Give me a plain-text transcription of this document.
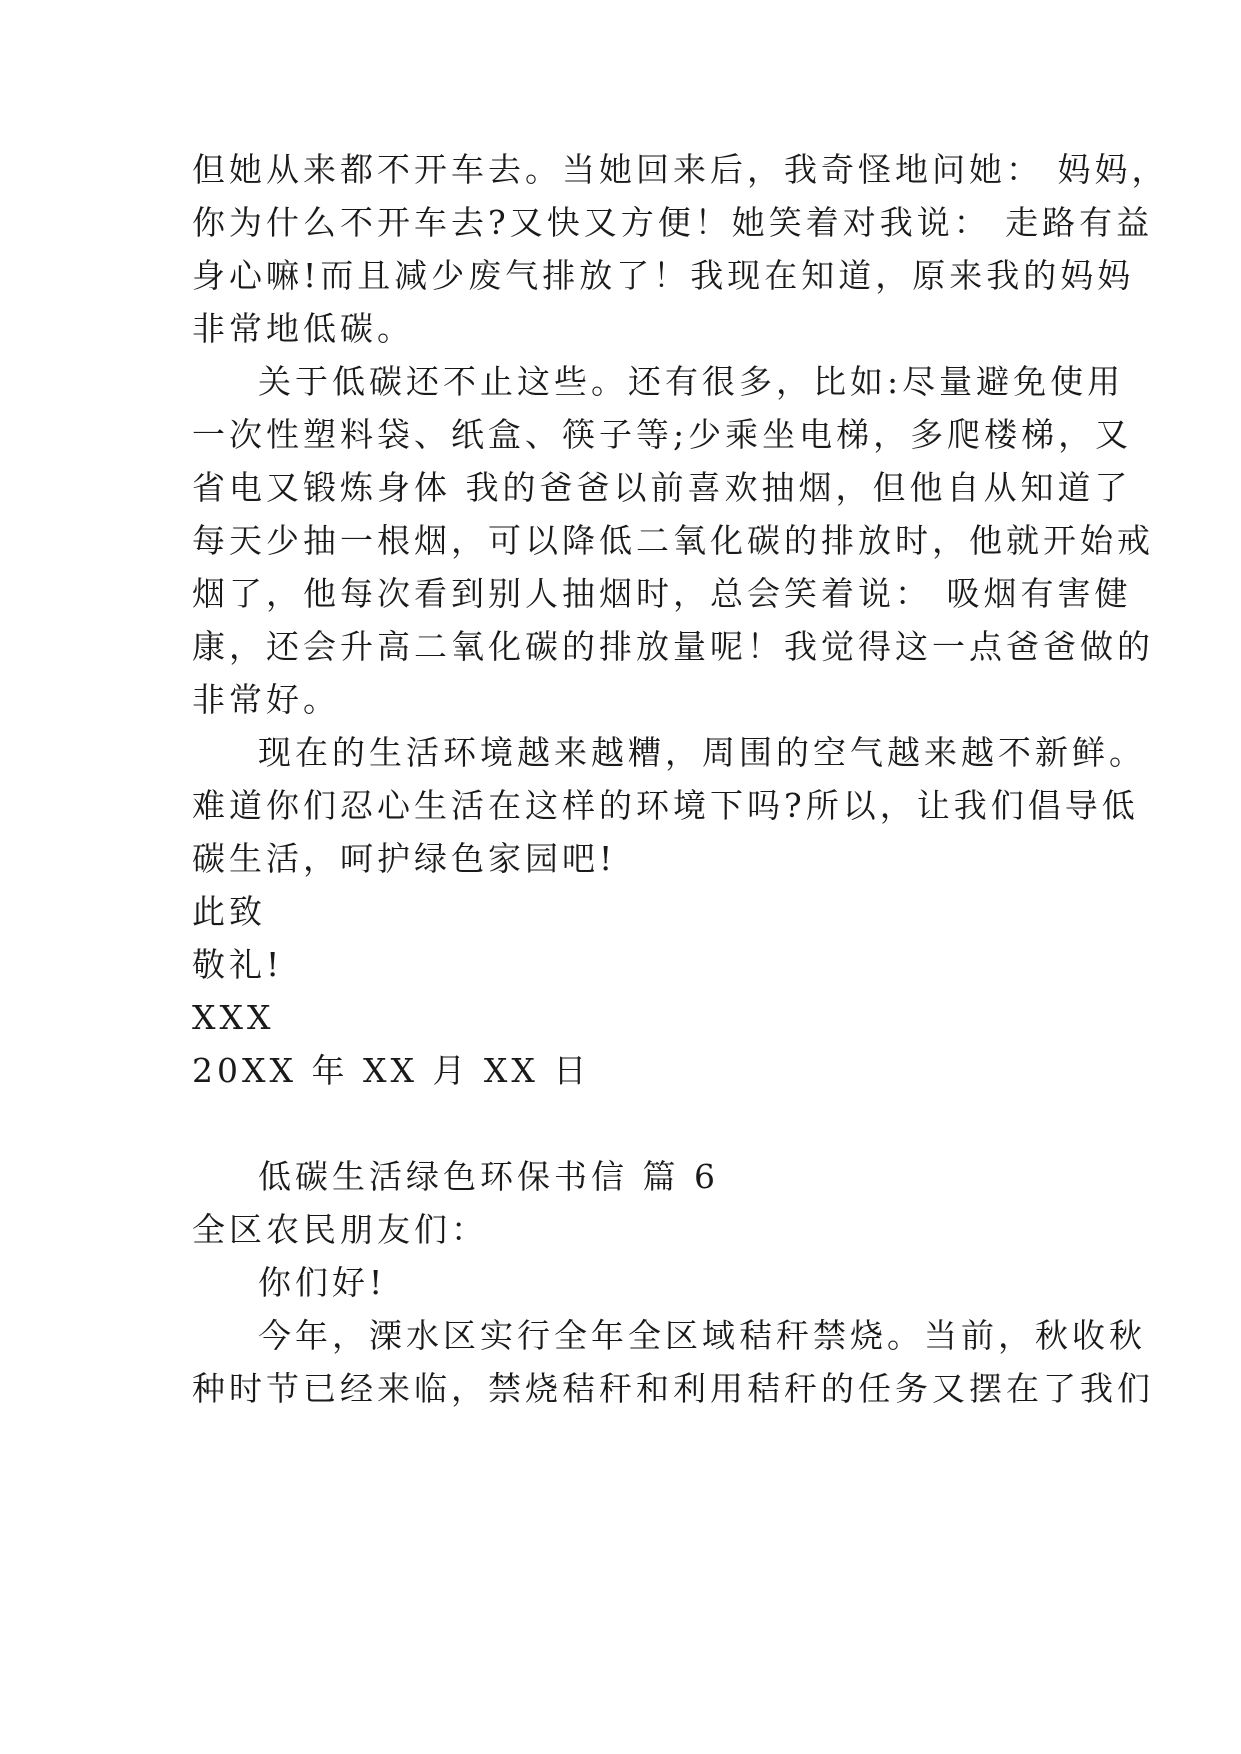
但她从来都不开车去。当她回来后，我奇怪地问她： 妈妈，
你为什么不开车去?又快又方便！她笑着对我说： 走路有益
身心嘛!而且减少废气排放了！我现在知道，原来我的妈妈
非常地低碳。
关于低碳还不止这些。还有很多，比如:尽量避免使用
一次性塑料袋、纸盒、筷子等;少乘坐电梯，多爬楼梯，又
省电又锻炼身体 我的爸爸以前喜欢抽烟，但他自从知道了
每天少抽一根烟，可以降低二氧化碳的排放时，他就开始戒
烟了，他每次看到别人抽烟时，总会笑着说： 吸烟有害健
康，还会升高二氧化碳的排放量呢！我觉得这一点爸爸做的
非常好。
现在的生活环境越来越糟，周围的空气越来越不新鲜。
难道你们忍心生活在这样的环境下吗?所以，让我们倡导低
碳生活，呵护绿色家园吧!
此致
敬礼!
XXX
20XX 年 XX 月 XX 日
低碳生活绿色环保书信 篇 6
全区农民朋友们：
你们好!
今年，溧水区实行全年全区域秸秆禁烧。当前，秋收秋
种时节已经来临，禁烧秸秆和利用秸秆的任务又摆在了我们
